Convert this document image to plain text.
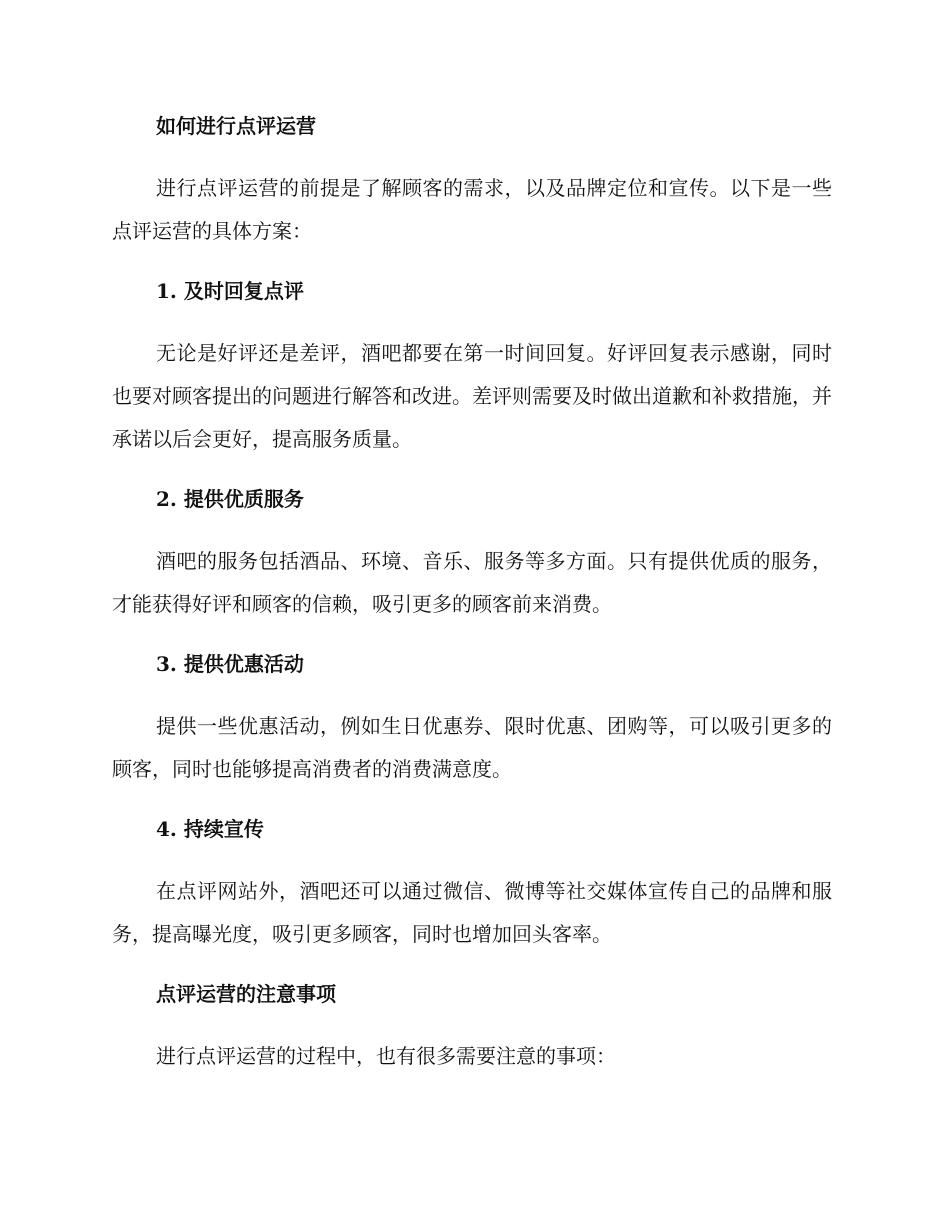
如何进行点评运营

进行点评运营的前提是了解顾客的需求，以及品牌定位和宣传。以下是一些点评运营的具体方案：

1. 及时回复点评

无论是好评还是差评，酒吧都要在第一时间回复。好评回复表示感谢，同时也要对顾客提出的问题进行解答和改进。差评则需要及时做出道歉和补救措施，并承诺以后会更好，提高服务质量。

2. 提供优质服务

酒吧的服务包括酒品、环境、音乐、服务等多方面。只有提供优质的服务，才能获得好评和顾客的信赖，吸引更多的顾客前来消费。

3. 提供优惠活动

提供一些优惠活动，例如生日优惠券、限时优惠、团购等，可以吸引更多的顾客，同时也能够提高消费者的消费满意度。

4. 持续宣传

在点评网站外，酒吧还可以通过微信、微博等社交媒体宣传自己的品牌和服务，提高曝光度，吸引更多顾客，同时也增加回头客率。

点评运营的注意事项

进行点评运营的过程中，也有很多需要注意的事项：
